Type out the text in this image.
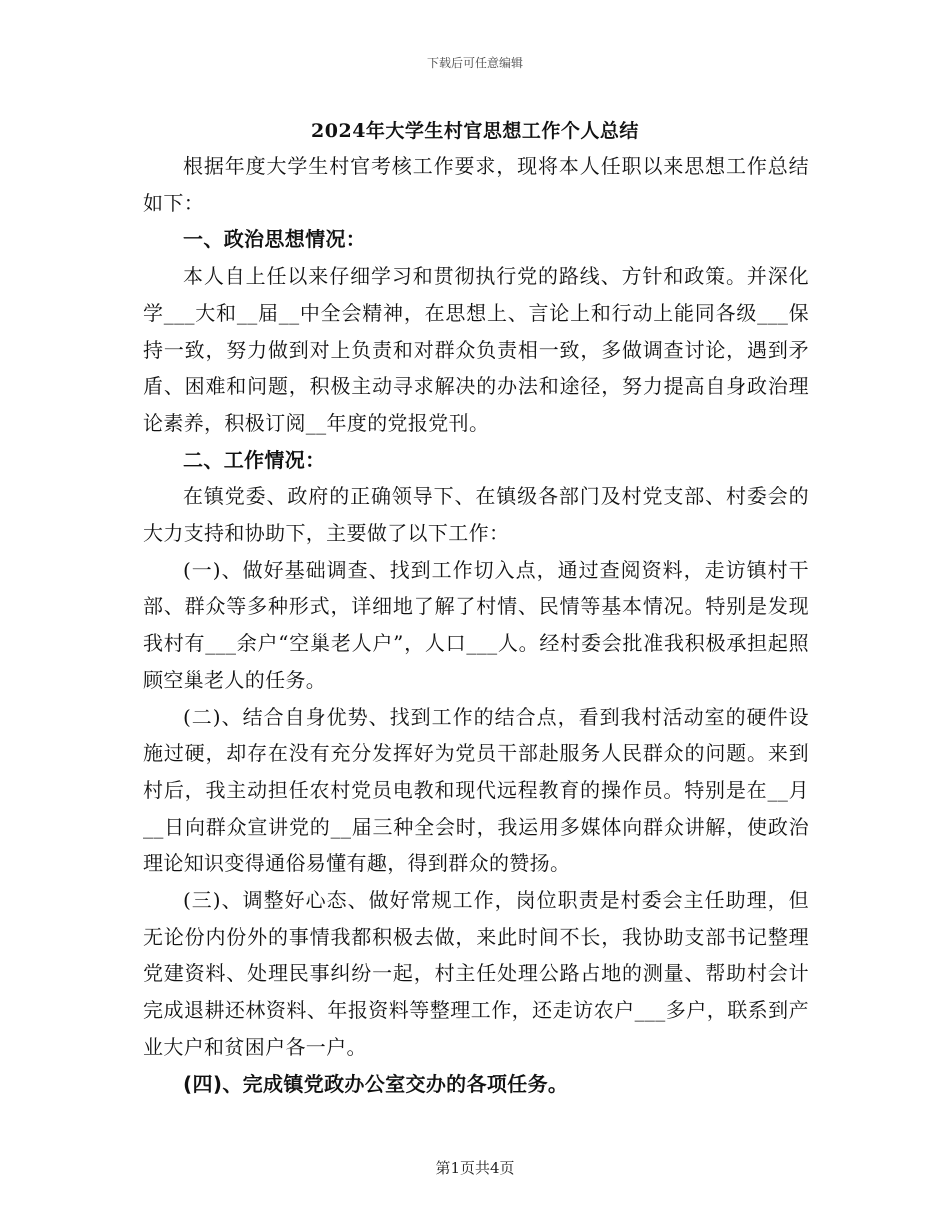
下载后可任意编辑
2024年大学生村官思想工作个人总结

根据年度大学生村官考核工作要求，现将本人任职以来思想工作总结如下：

一、政治思想情况：

本人自上任以来仔细学习和贯彻执行党的路线、方针和政策。并深化学___大和__届__中全会精神，在思想上、言论上和行动上能同各级___保持一致，努力做到对上负责和对群众负责相一致，多做调查讨论，遇到矛盾、困难和问题，积极主动寻求解决的办法和途径，努力提高自身政治理论素养，积极订阅__年度的党报党刊。

二、工作情况：

在镇党委、政府的正确领导下、在镇级各部门及村党支部、村委会的大力支持和协助下，主要做了以下工作：

(一)、做好基础调查、找到工作切入点，通过查阅资料，走访镇村干部、群众等多种形式，详细地了解了村情、民情等基本情况。特别是发现我村有___余户“空巢老人户”，人口___人。经村委会批准我积极承担起照顾空巢老人的任务。

(二)、结合自身优势、找到工作的结合点，看到我村活动室的硬件设施过硬，却存在没有充分发挥好为党员干部赴服务人民群众的问题。来到村后，我主动担任农村党员电教和现代远程教育的操作员。特别是在__月__日向群众宣讲党的__届三种全会时，我运用多媒体向群众讲解，使政治理论知识变得通俗易懂有趣，得到群众的赞扬。

(三)、调整好心态、做好常规工作，岗位职责是村委会主任助理，但无论份内份外的事情我都积极去做，来此时间不长，我协助支部书记整理党建资料、处理民事纠纷一起，村主任处理公路占地的测量、帮助村会计完成退耕还林资料、年报资料等整理工作，还走访农户___多户，联系到产业大户和贫困户各一户。

(四)、完成镇党政办公室交办的各项任务。

第1页共4页
